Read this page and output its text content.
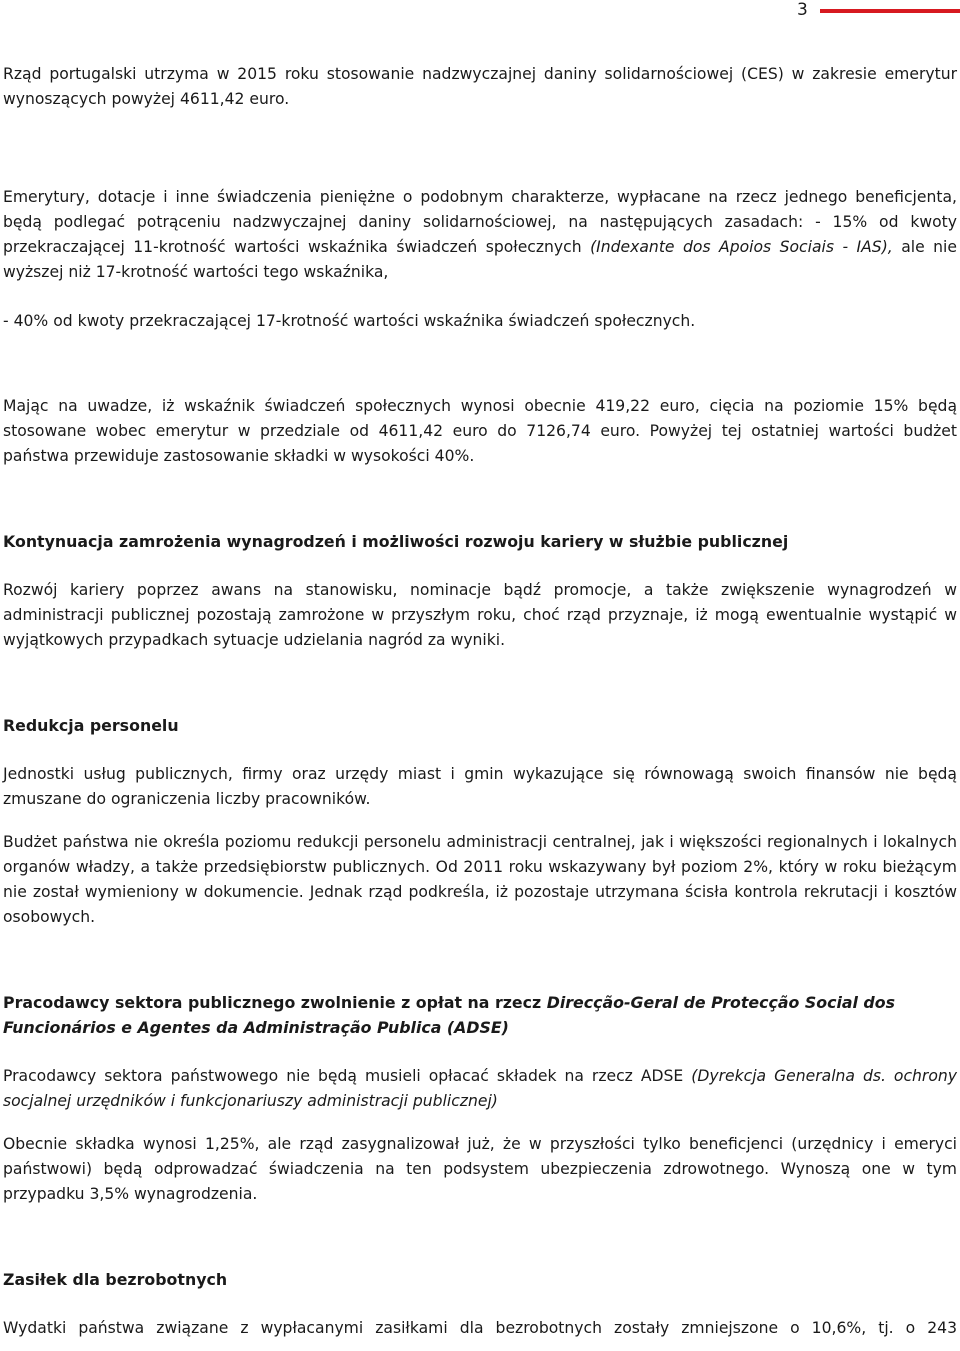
3

Rząd portugalski utrzyma w 2015 roku stosowanie nadzwyczajnej daniny solidarnościowej (CES) w zakresie emerytur wynoszących powyżej 4611,42 euro.

Emerytury, dotacje i inne świadczenia pieniężne o podobnym charakterze, wypłacane na rzecz jednego beneficjenta, będą podlegać potrąceniu nadzwyczajnej daniny solidarnościowej, na następujących zasadach: - 15% od kwoty przekraczającej 11-krotność wartości wskaźnika świadczeń społecznych (Indexante dos Apoios Sociais - IAS), ale nie wyższej niż 17-krotność wartości tego wskaźnika,

- 40% od kwoty przekraczającej 17-krotność wartości wskaźnika świadczeń społecznych.

Mając na uwadze, iż wskaźnik świadczeń społecznych wynosi obecnie 419,22 euro, cięcia na poziomie 15% będą stosowane wobec emerytur w przedziale od 4611,42 euro do 7126,74 euro. Powyżej tej ostatniej wartości budżet państwa przewiduje zastosowanie składki w wysokości 40%.

Kontynuacja zamrożenia wynagrodzeń i możliwości rozwoju kariery w służbie publicznej

Rozwój kariery poprzez awans na stanowisku, nominacje bądź promocje, a także zwiększenie wynagrodzeń w administracji publicznej pozostają zamrożone w przyszłym roku, choć rząd przyznaje, iż mogą ewentualnie wystąpić w wyjątkowych przypadkach sytuacje udzielania nagród za wyniki.

Redukcja personelu

Jednostki usług publicznych, firmy oraz urzędy miast i gmin wykazujące się równowagą swoich finansów nie będą zmuszane do ograniczenia liczby pracowników.

Budżet państwa nie określa poziomu redukcji personelu administracji centralnej, jak i większości regionalnych i lokalnych organów władzy, a także przedsiębiorstw publicznych. Od 2011 roku wskazywany był poziom 2%, który w roku bieżącym nie został wymieniony w dokumencie. Jednak rząd podkreśla, iż pozostaje utrzymana ścisła kontrola rekrutacji i kosztów osobowych.

Pracodawcy sektora publicznego zwolnienie z opłat na rzecz Direcção-Geral de Protecção Social dos Funcionários e Agentes da Administração Publica (ADSE)

Pracodawcy sektora państwowego nie będą musieli opłacać składek na rzecz ADSE (Dyrekcja Generalna ds. ochrony socjalnej urzędników i funkcjonariuszy administracji publicznej)

Obecnie składka wynosi 1,25%, ale rząd zasygnalizował już, że w przyszłości tylko beneficjenci (urzędnicy i emeryci państwowi) będą odprowadzać świadczenia na ten podsystem ubezpieczenia zdrowotnego. Wynoszą one w tym przypadku 3,5% wynagrodzenia.

Zasiłek dla bezrobotnych

Wydatki państwa związane z wypłacanymi zasiłkami dla bezrobotnych zostały zmniejszone o 10,6%, tj. o 243
